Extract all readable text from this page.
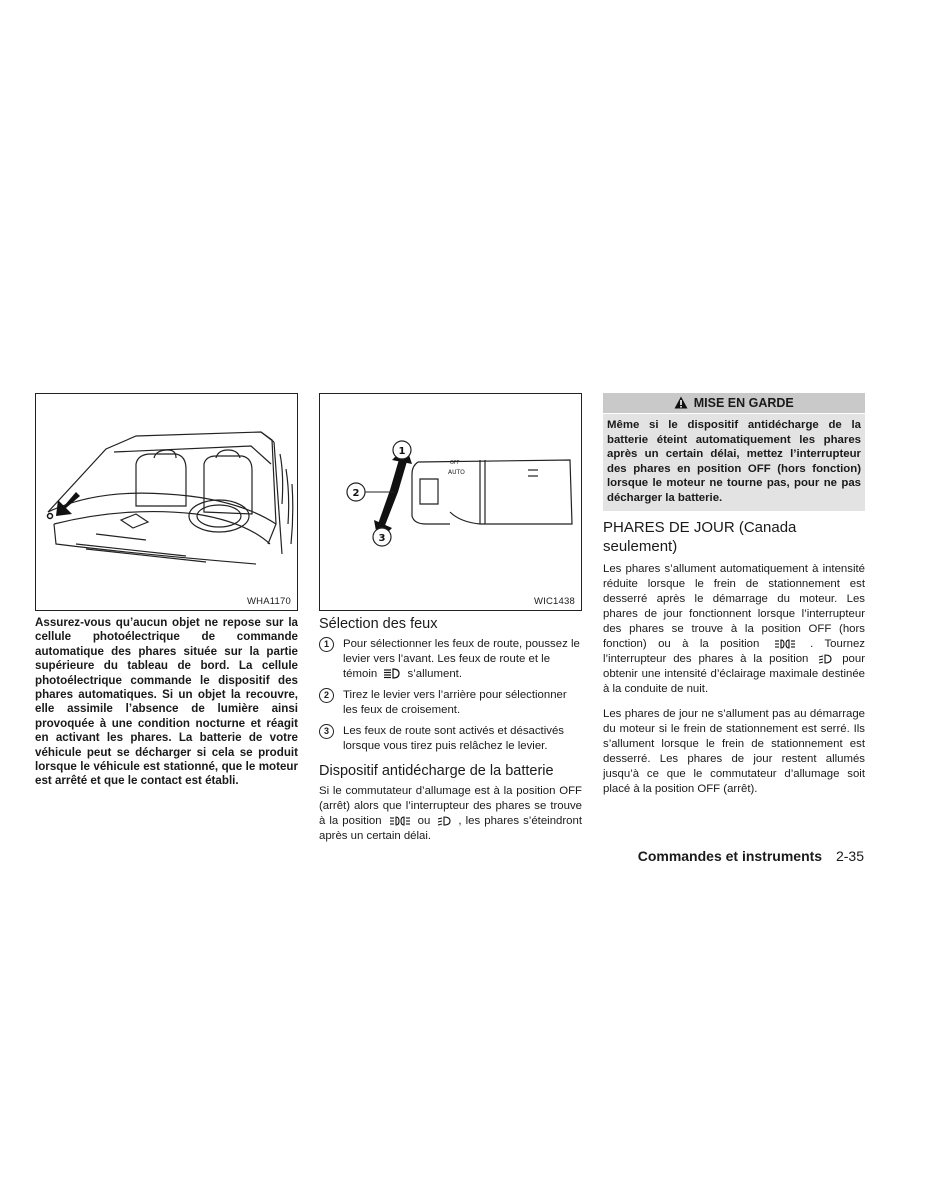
WHA1170

Assurez-vous qu’aucun objet ne repose sur la cellule photoélectrique de commande automatique des phares située sur la partie supérieure du tableau de bord. La cellule photoélectrique commande le dispositif des phares automatiques. Si un objet la recouvre, elle assimile l’absence de lumière ainsi provoquée à une condition nocturne et réagit en activant les phares. La batterie de votre véhicule peut se décharger si cela se produit lorsque le véhicule est stationné, que le moteur est arrêté et que le contact est établi.

AUTO
OFF
1
2
3
WIC1438
Sélection des feux
1	Pour sélectionner les feux de route, poussez le levier vers l’avant. Les feux de route et le témoin	s’allument.
2	Tirez le levier vers l’arrière pour sélectionner les feux de croisement.
3	Les feux de route sont activés et désactivés lorsque vous tirez puis relâchez le levier.
Dispositif antidécharge de la batterie

Si le commutateur d’allumage est à la position OFF (arrêt) alors que l’interrupteur des phares se trouve à la position	ou , les phares s’éteindront après un certain délai.

MISE EN GARDE
Même si le dispositif antidécharge de la batterie éteint automatiquement les phares après un certain délai, mettez l’interrupteur des phares en position OFF (hors fonction) lorsque le moteur ne tourne pas, pour ne pas décharger la batterie.
PHARES DE JOUR (Canada seulement)

Les phares s’allument automatiquement à intensité réduite lorsque le frein de stationnement est desserré après le démarrage du moteur. Les phares de jour fonctionnent lorsque l’interrupteur des phares se trouve à la position OFF (hors fonction) ou à la position	. Tournez l’interrupteur des phares à la position	pour obtenir une intensité d’éclairage maximale destinée à la conduite de nuit.

Les phares de jour ne s’allument pas au démarrage du moteur si le frein de stationnement est serré. Ils s’allument lorsque le frein de stationnement est desserré. Les phares de jour restent allumés jusqu’à ce que le commutateur d’allumage soit placé à la position OFF (arrêt).

Commandes et instruments 2-35
